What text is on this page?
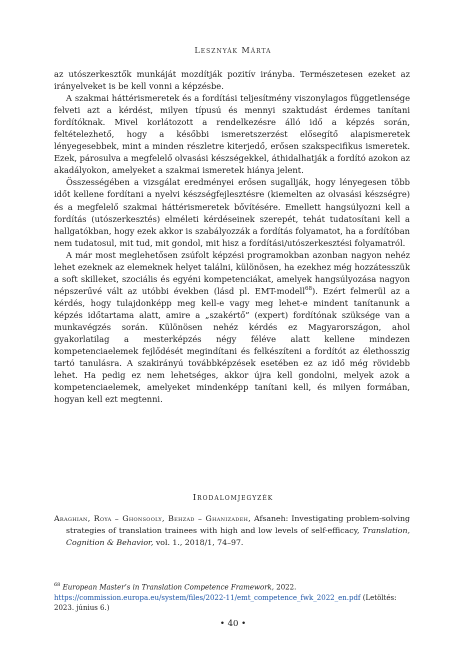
Lesznyák Márta

az utószerkesztők munkáját mozdítják pozitív irányba. Természetesen ezeket az irányelveket is be kell vonni a képzésbe.

A szakmai háttérismeretek és a fordítási teljesítmény viszonylagos függetlensége felveti azt a kérdést, milyen típusú és mennyi szaktudást érdemes tanítani fordítóknak. Mivel korlátozott a rendelkezésre álló idő a képzés során, feltételezhető, hogy a későbbi ismeretszerzést elősegítő alapismeretek lényegesebbek, mint a minden részletre kiterjedő, erősen szakspecifikus ismeretek. Ezek, párosulva a megfelelő olvasási készségekkel, áthidalhatják a fordító azokon az akadályokon, amelyeket a szakmai ismeretek hiánya jelent.

Összességében a vizsgálat eredményei erősen sugallják, hogy lényegesen több időt kellene fordítani a nyelvi készségfejlesztésre (kiemelten az olvasási készségre) és a megfelelő szakmai háttérismeretek bővítésére. Emellett hangsúlyozni kell a fordítás (utószerkesztés) elméleti kérdéseinek szerepét, tehát tudatosítani kell a hallgatókban, hogy ezek akkor is szabályozzák a fordítás folyamatot, ha a fordítóban nem tudatosul, mit tud, mit gondol, mit hisz a fordítási/utószerkesztési folyamatról.

A már most meglehetősen zsúfolt képzési programokban azonban nagyon nehéz lehet ezeknek az elemeknek helyet találni, különösen, ha ezekhez még hozzátesszük a soft skilleket, szociális és egyéni kompetenciákat, amelyek hangsúlyozása nagyon népszerűvé vált az utóbbi években (lásd pl. EMT-modell$^{68}$). Ezért felmerül az a kérdés, hogy tulajdonképp meg kell-e vagy meg lehet-e mindent tanítanunk a képzés időtartama alatt, amire a „szakértő” (expert) fordítónak szüksége van a munkavégzés során. Különösen nehéz kérdés ez Magyarországon, ahol gyakorlatilag a mesterképzés négy féléve alatt kellene mindezen kompetenciaelemek fejlődését megindítani és felkészíteni a fordítót az élethosszig tartó tanulásra. A szakirányú továbbképzések esetében ez az idő még rövidebb lehet. Ha pedig ez nem lehetséges, akkor újra kell gondolni, melyek azok a kompetenciaelemek, amelyeket mindenképp tanítani kell, és milyen formában, hogyan kell ezt megtenni.

Irodalomjegyzék

Araghian, Roya – Ghonsooly, Behzad – Ghanizadeh, Afsaneh: Investigating problem-solving strategies of translation trainees with high and low levels of self-efficacy, Translation, Cognition & Behavior, vol. 1., 2018/1, 74–97.

$^{68}$ European Master’s in Translation Competence Framework, 2022. https://commission.europa.eu/system/files/2022-11/emt_competence_fwk_2022_en.pdf (Letöltés: 2023. június 6.)
• 40 •
